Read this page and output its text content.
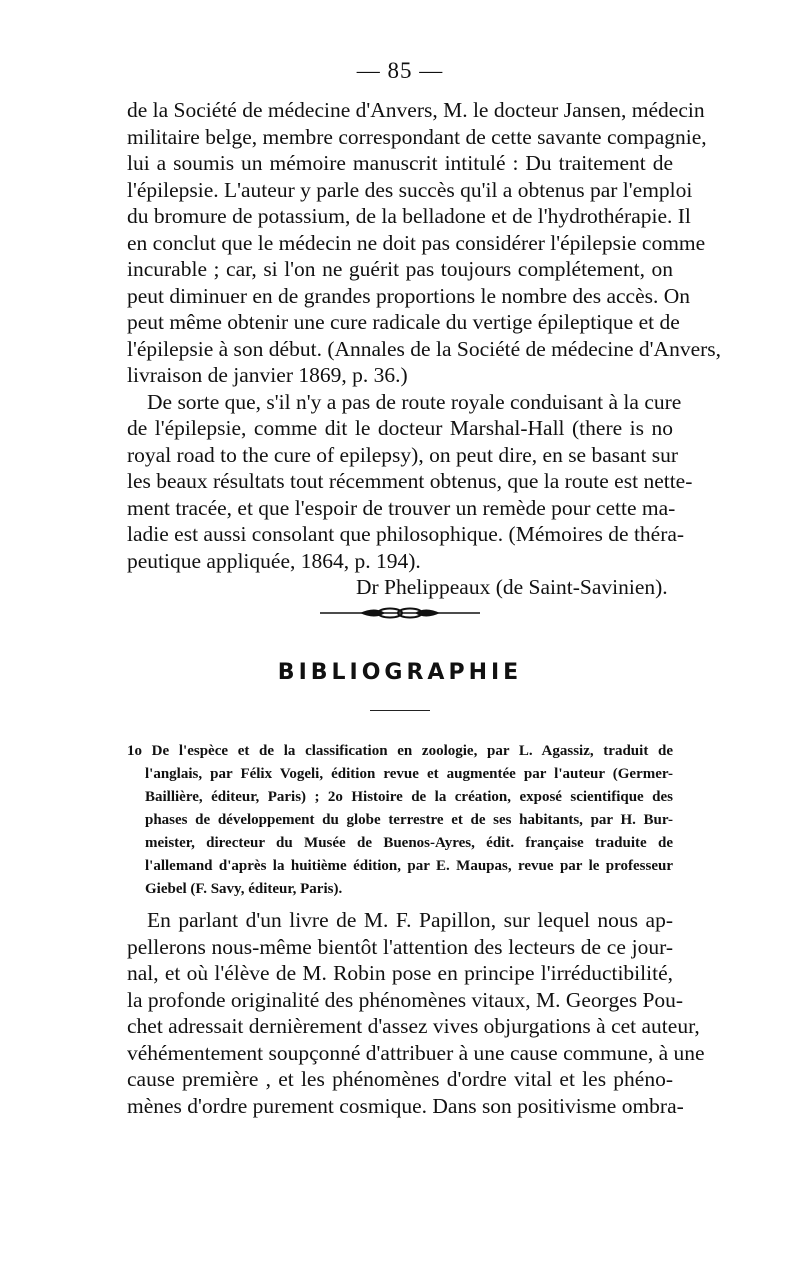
— 85 —
de la Société de médecine d'Anvers, M. le docteur Jansen, médecin
militaire belge, membre correspondant de cette savante compagnie,
lui a soumis un mémoire manuscrit intitulé : Du traitement de
l'épilepsie. L'auteur y parle des succès qu'il a obtenus par l'emploi
du bromure de potassium, de la belladone et de l'hydrothérapie. Il
en conclut que le médecin ne doit pas considérer l'épilepsie comme
incurable ; car, si l'on ne guérit pas toujours complétement, on
peut diminuer en de grandes proportions le nombre des accès. On
peut même obtenir une cure radicale du vertige épileptique et de
l'épilepsie à son début. (Annales de la Société de médecine d'Anvers,
livraison de janvier 1869, p. 36.)
De sorte que, s'il n'y a pas de route royale conduisant à la cure
de l'épilepsie, comme dit le docteur Marshal-Hall (there is no
royal road to the cure of epilepsy), on peut dire, en se basant sur
les beaux résultats tout récemment obtenus, que la route est nette-
ment tracée, et que l'espoir de trouver un remède pour cette ma-
ladie est aussi consolant que philosophique. (Mémoires de théra-
peutique appliquée, 1864, p. 194).
Dr Phelippeaux (de Saint-Savinien).
BIBLIOGRAPHIE
1o De l'espèce et de la classification en zoologie, par L. Agassiz, traduit de
l'anglais, par Félix Vogeli, édition revue et augmentée par l'auteur (Germer-
Baillière, éditeur, Paris) ; 2o Histoire de la création, exposé scientifique des
phases de développement du globe terrestre et de ses habitants, par H. Bur-
meister, directeur du Musée de Buenos-Ayres, édit. française traduite de
l'allemand d'après la huitième édition, par E. Maupas, revue par le professeur
Giebel (F. Savy, éditeur, Paris).
En parlant d'un livre de M. F. Papillon, sur lequel nous ap-
pellerons nous-même bientôt l'attention des lecteurs de ce jour-
nal, et où l'élève de M. Robin pose en principe l'irréductibilité,
la profonde originalité des phénomènes vitaux, M. Georges Pou-
chet adressait dernièrement d'assez vives objurgations à cet auteur,
véhémentement soupçonné d'attribuer à une cause commune, à une
cause première , et les phénomènes d'ordre vital et les phéno-
mènes d'ordre purement cosmique. Dans son positivisme ombra-
